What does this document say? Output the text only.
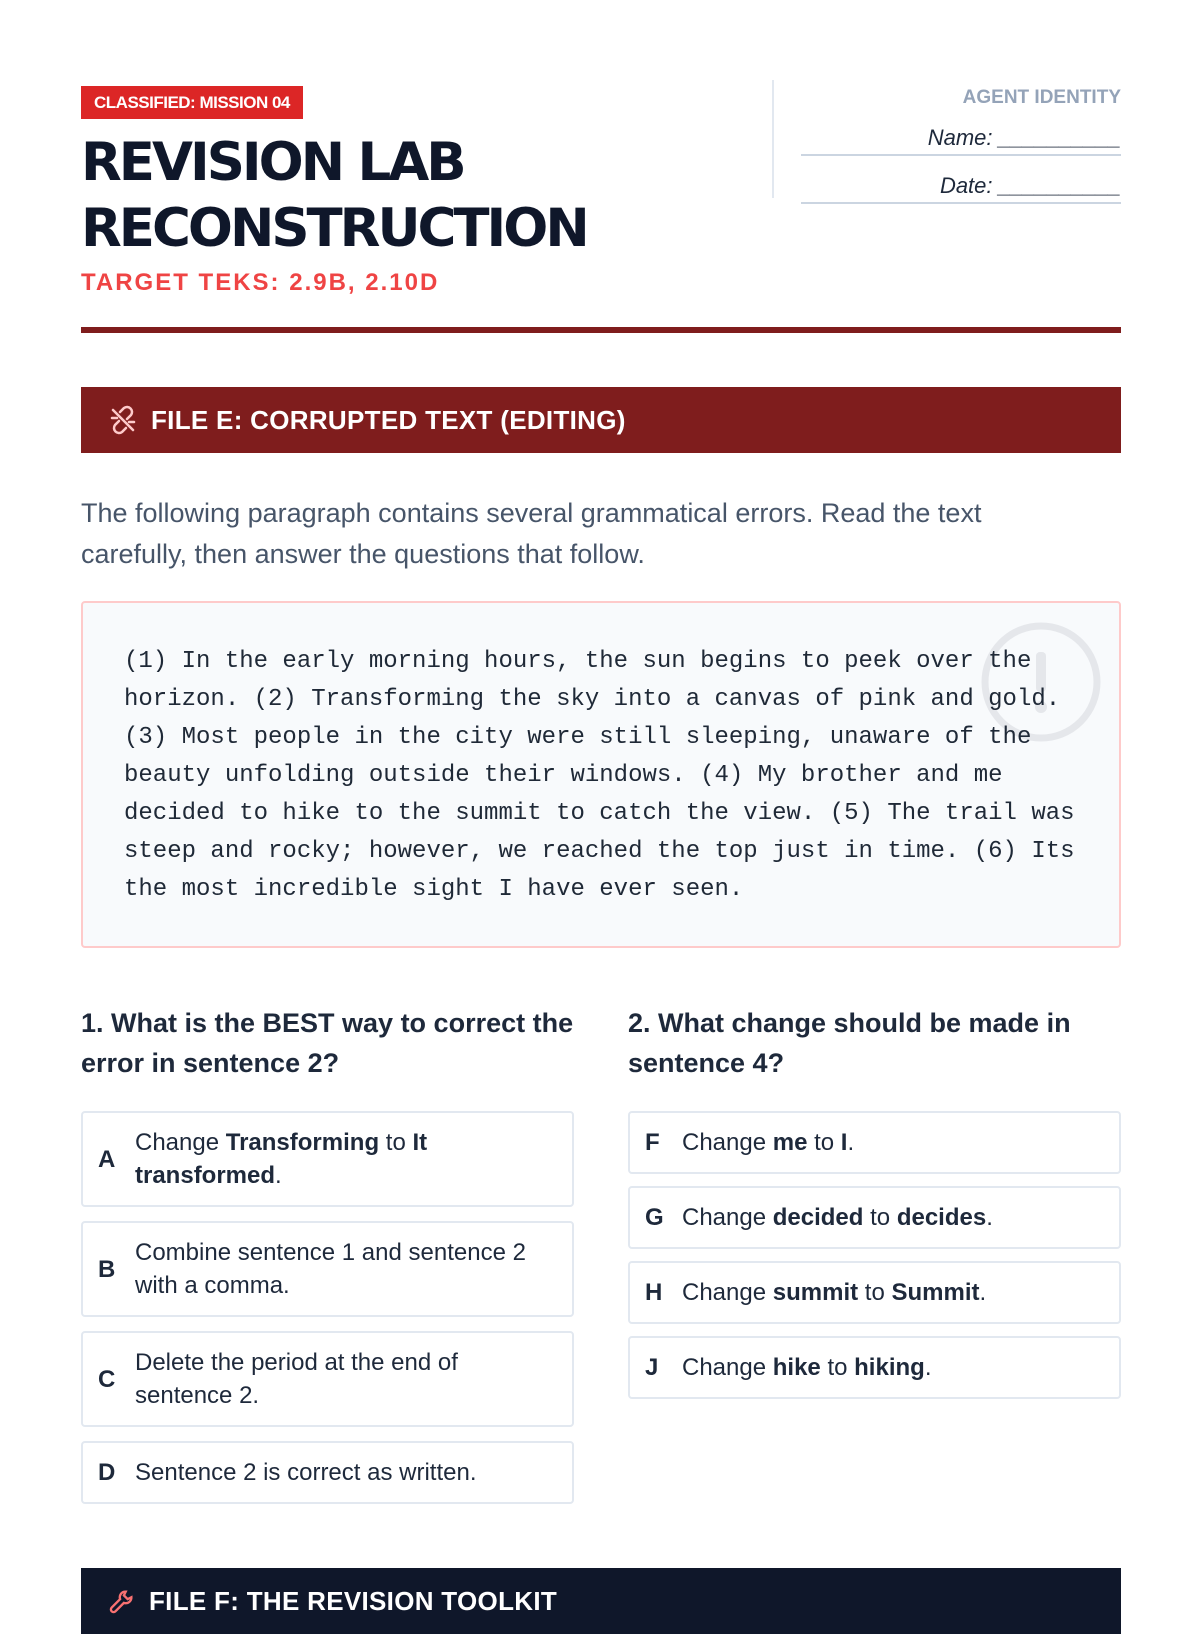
CLASSIFIED: MISSION 04
REVISION LAB
RECONSTRUCTION
TARGET TEKS: 2.9B, 2.10D
AGENT IDENTITY
Name: __________
Date: __________
FILE E: CORRUPTED TEXT (EDITING)

The following paragraph contains several grammatical errors. Read the text carefully, then answer the questions that follow.

(1) In the early morning hours, the sun begins to peek over the horizon. (2) Transforming the sky into a canvas of pink and gold. (3) Most people in the city were still sleeping, unaware of the beauty unfolding outside their windows. (4) My brother and me decided to hike to the summit to catch the view. (5) The trail was steep and rocky; however, we reached the top just in time. (6) Its the most incredible sight I have ever seen.

1. What is the BEST way to correct the error in sentence 2?
A
Change Transforming to It transformed.
B
Combine sentence 1 and sentence 2 with a comma.
C
Delete the period at the end of sentence 2.
D Sentence 2 is correct as written.
2. What change should be made in sentence 4?
F Change me to I.
G Change decided to decides.
H Change summit to Summit.
J Change hike to hiking.
FILE F: THE REVISION TOOLKIT
